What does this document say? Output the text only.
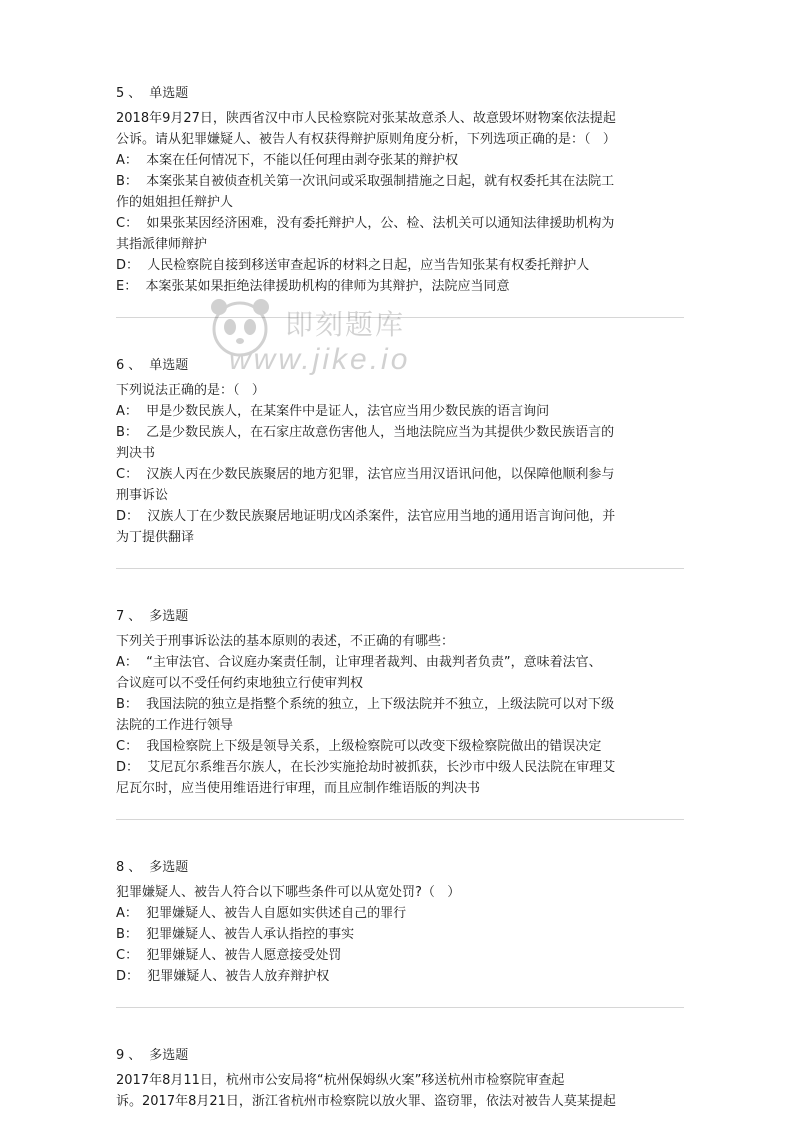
5 、 单选题

2018年9月27日，陕西省汉中市人民检察院对张某故意杀人、故意毁坏财物案依法提起

公诉。请从犯罪嫌疑人、被告人有权获得辩护原则角度分析，下列选项正确的是：（   ）

A：  本案在任何情况下，不能以任何理由剥夺张某的辩护权

B：  本案张某自被侦查机关第一次讯问或采取强制措施之日起，就有权委托其在法院工

作的姐姐担任辩护人

C：  如果张某因经济困难，没有委托辩护人，公、检、法机关可以通知法律援助机构为

其指派律师辩护

D：  人民检察院自接到移送审查起诉的材料之日起，应当告知张某有权委托辩护人

E：  本案张某如果拒绝法律援助机构的律师为其辩护，法院应当同意

6 、 单选题

下列说法正确的是：（   ）

A：  甲是少数民族人，在某案件中是证人，法官应当用少数民族的语言询问

B：  乙是少数民族人，在石家庄故意伤害他人，当地法院应当为其提供少数民族语言的

判决书

C：  汉族人丙在少数民族聚居的地方犯罪，法官应当用汉语讯问他，以保障他顺利参与

刑事诉讼

D：  汉族人丁在少数民族聚居地证明戊凶杀案件，法官应用当地的通用语言询问他，并

为丁提供翻译

7 、 多选题

下列关于刑事诉讼法的基本原则的表述，不正确的有哪些：

A：  “主审法官、合议庭办案责任制，让审理者裁判、由裁判者负责”，意味着法官、

合议庭可以不受任何约束地独立行使审判权

B：  我国法院的独立是指整个系统的独立，上下级法院并不独立，上级法院可以对下级

法院的工作进行领导

C：  我国检察院上下级是领导关系，上级检察院可以改变下级检察院做出的错误决定

D：  艾尼瓦尔系维吾尔族人，在长沙实施抢劫时被抓获，长沙市中级人民法院在审理艾

尼瓦尔时，应当使用维语进行审理，而且应制作维语版的判决书

8 、 多选题

犯罪嫌疑人、被告人符合以下哪些条件可以从宽处罚?（   ）

A：  犯罪嫌疑人、被告人自愿如实供述自己的罪行

B：  犯罪嫌疑人、被告人承认指控的事实

C：  犯罪嫌疑人、被告人愿意接受处罚

D：  犯罪嫌疑人、被告人放弃辩护权

9 、 多选题

2017年8月11日，杭州市公安局将“杭州保姆纵火案”移送杭州市检察院审查起

诉。2017年8月21日，浙江省杭州市检察院以放火罪、盗窃罪，依法对被告人莫某提起

即刻题库
www.jike.io
